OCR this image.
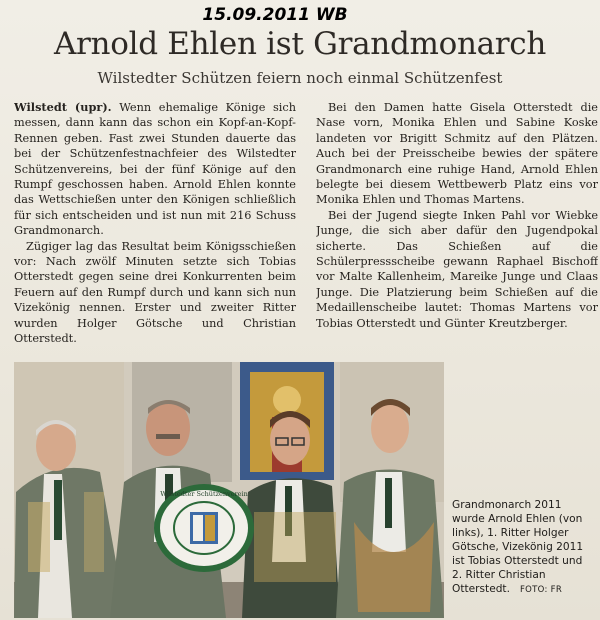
15.09.2011 WB
Arnold Ehlen ist Grandmonarch
Wilstedter Schützen feiern noch einmal Schützenfest

Wilstedt (upr). Wenn ehemalige Könige sich messen, dann kann das schon ein Kopf-an-Kopf-Rennen geben. Fast zwei Stunden dauerte das bei der Schützenfestnachfeier des Wilstedter Schützenvereins, bei der fünf Könige auf den Rumpf geschossen haben. Arnold Ehlen konnte das Wettschießen unter den Königen schließlich für sich entscheiden und ist nun mit 216 Schuss Grandmonarch.

Zügiger lag das Resultat beim Königsschießen vor: Nach zwölf Minuten setzte sich Tobias Otterstedt gegen seine drei Konkurrenten beim Feuern auf den Rumpf durch und kann sich nun Vizekönig nennen. Erster und zweiter Ritter wurden Holger Götsche und Christian Otterstedt.

Bei den Damen hatte Gisela Otterstedt die Nase vorn, Monika Ehlen und Sabine Koske landeten vor Brigitt Schmitz auf den Plätzen. Auch bei der Preisscheibe bewies der spätere Grandmonarch eine ruhige Hand, Arnold Ehlen belegte bei diesem Wettbewerb Platz eins vor Monika Ehlen und Thomas Martens.

Bei der Jugend siegte Inken Pahl vor Wiebke Junge, die sich aber dafür den Jugendpokal sicherte. Das Schießen auf die Schülerpressscheibe gewann Raphael Bischoff vor Malte Kallenheim, Mareike Junge und Claas Junge. Die Platzierung beim Schießen auf die Medaillenscheibe lautet: Thomas Martens vor Tobias Otterstedt und Günter Kreutzberger.

Wilstedter Schützenverein
Grandmonarch 2011 wurde Arnold Ehlen (von links), 1. Ritter Holger Götsche, Vizekönig 2011 ist Tobias Otterstedt und 2. Ritter Christian Otterstedt. FOTO: FR
